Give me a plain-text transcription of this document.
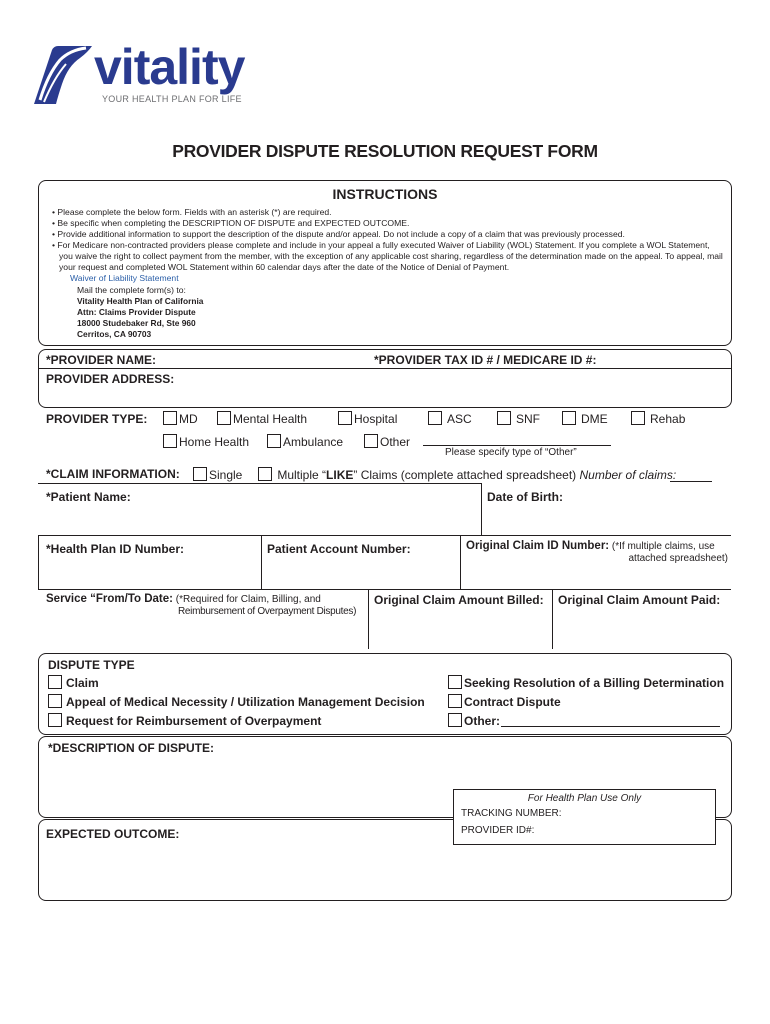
vitality
YOUR HEALTH PLAN FOR LIFE
PROVIDER DISPUTE RESOLUTION REQUEST FORM
INSTRUCTIONS
• Please complete the below form. Fields with an asterisk (*) are required.
• Be specific when completing the DESCRIPTION OF DISPUTE and EXPECTED OUTCOME.
• Provide additional information to support the description of the dispute and/or appeal. Do not include a copy of a claim that was previously processed.
• For Medicare non-contracted providers please complete and include in your appeal a fully executed Waiver of Liability (WOL) Statement. If you complete a WOL Statement, you waive the right to collect payment from the member, with the exception of any applicable cost sharing, regardless of the determination made on the appeal. To appeal, mail your request and completed WOL Statement within 60 calendar days after the date of the Notice of Denial of Payment.
Waiver of Liability Statement
Mail the complete form(s) to:
Vitality Health Plan of California
Attn: Claims Provider Dispute
18000 Studebaker Rd, Ste 960
Cerritos, CA 90703
*PROVIDER NAME:	*PROVIDER TAX ID # / MEDICARE ID #:
PROVIDER ADDRESS:
PROVIDER TYPE:	MD	Mental Health	Hospital	ASC	SNF	DME	Rehab
Home Health	Ambulance	Other
Please specify type of “Other”
*CLAIM INFORMATION:	Single	Multiple “LIKE” Claims (complete attached spreadsheet) Number of claims:
*Patient Name:	Date of Birth:
*Health Plan ID Number:	Patient Account Number:	Original Claim ID Number: (*If multiple claims, use
attached spreadsheet)
Service “From/To Date: (*Required for Claim, Billing, and
Reimbursement of Overpayment Disputes)
Original Claim Amount Billed: Original Claim Amount Paid:
DISPUTE TYPE
Claim
Appeal of Medical Necessity / Utilization Management Decision
Request for Reimbursement of Overpayment
Seeking Resolution of a Billing Determination
Contract Dispute
Other:
*DESCRIPTION OF DISPUTE:
EXPECTED OUTCOME:
For Health Plan Use Only
TRACKING NUMBER:
PROVIDER ID#:
